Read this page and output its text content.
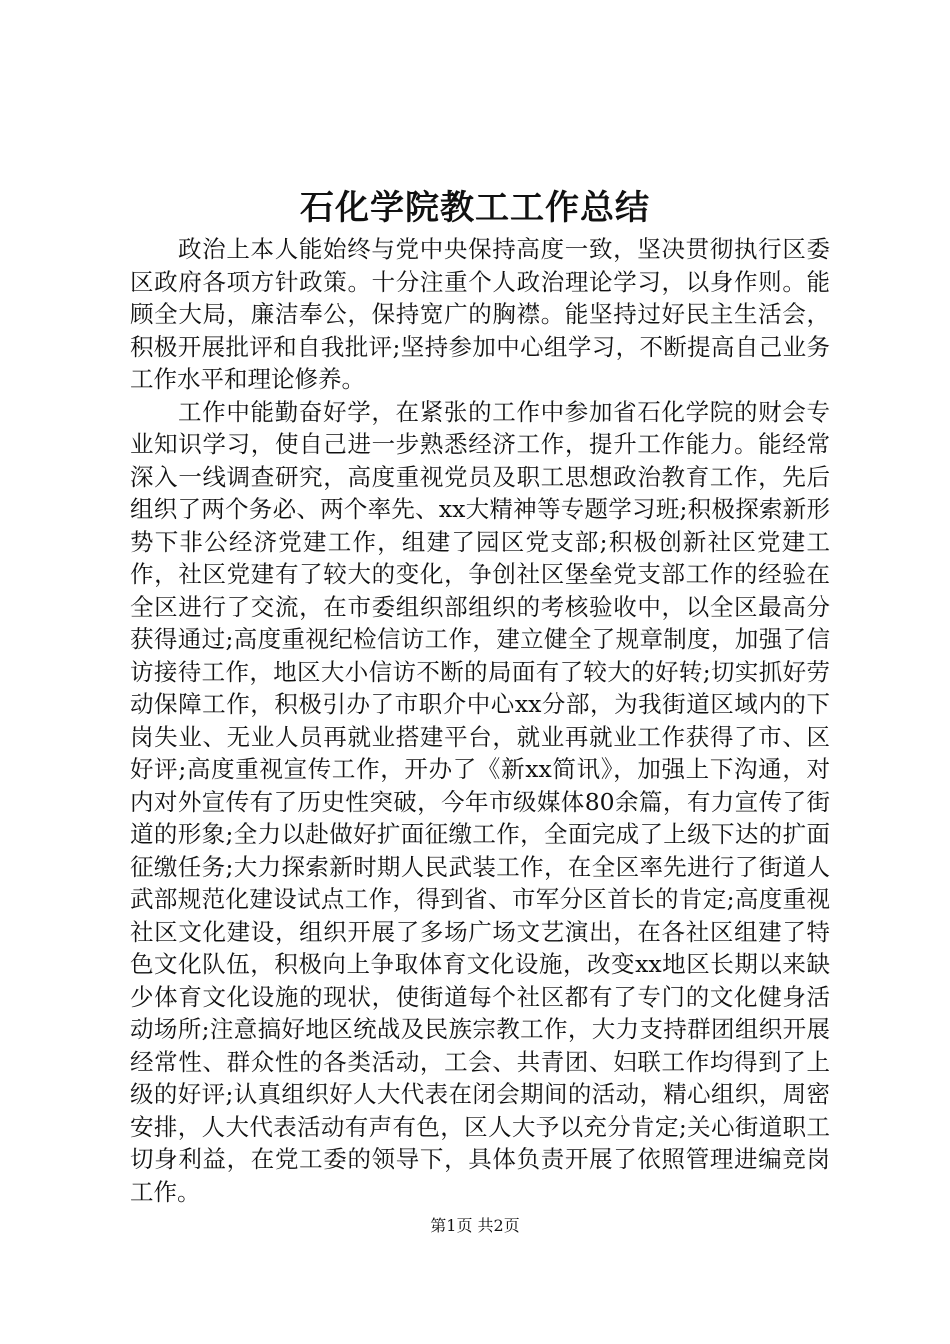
石化学院教工工作总结

政治上本人能始终与党中央保持高度一致，坚决贯彻执行区委区政府各项方针政策。十分注重个人政治理论学习，以身作则。能顾全大局，廉洁奉公，保持宽广的胸襟。能坚持过好民主生活会，积极开展批评和自我批评;坚持参加中心组学习，不断提高自己业务工作水平和理论修养。

工作中能勤奋好学，在紧张的工作中参加省石化学院的财会专业知识学习，使自己进一步熟悉经济工作，提升工作能力。能经常深入一线调查研究，高度重视党员及职工思想政治教育工作，先后组织了两个务必、两个率先、xx大精神等专题学习班;积极探索新形势下非公经济党建工作，组建了园区党支部;积极创新社区党建工作，社区党建有了较大的变化，争创社区堡垒党支部工作的经验在全区进行了交流，在市委组织部组织的考核验收中，以全区最高分获得通过;高度重视纪检信访工作，建立健全了规章制度，加强了信访接待工作，地区大小信访不断的局面有了较大的好转;切实抓好劳动保障工作，积极引办了市职介中心xx分部，为我街道区域内的下岗失业、无业人员再就业搭建平台，就业再就业工作获得了市、区好评;高度重视宣传工作，开办了《新xx简讯》，加强上下沟通，对内对外宣传有了历史性突破，今年市级媒体80余篇，有力宣传了街道的形象;全力以赴做好扩面征缴工作，全面完成了上级下达的扩面征缴任务;大力探索新时期人民武装工作，在全区率先进行了街道人武部规范化建设试点工作，得到省、市军分区首长的肯定;高度重视社区文化建设，组织开展了多场广场文艺演出，在各社区组建了特色文化队伍，积极向上争取体育文化设施，改变xx地区长期以来缺少体育文化设施的现状，使街道每个社区都有了专门的文化健身活动场所;注意搞好地区统战及民族宗教工作，大力支持群团组织开展经常性、群众性的各类活动，工会、共青团、妇联工作均得到了上级的好评;认真组织好人大代表在闭会期间的活动，精心组织，周密安排，人大代表活动有声有色，区人大予以充分肯定;关心街道职工切身利益，在党工委的领导下，具体负责开展了依照管理进编竞岗工作。

第1页 共2页
